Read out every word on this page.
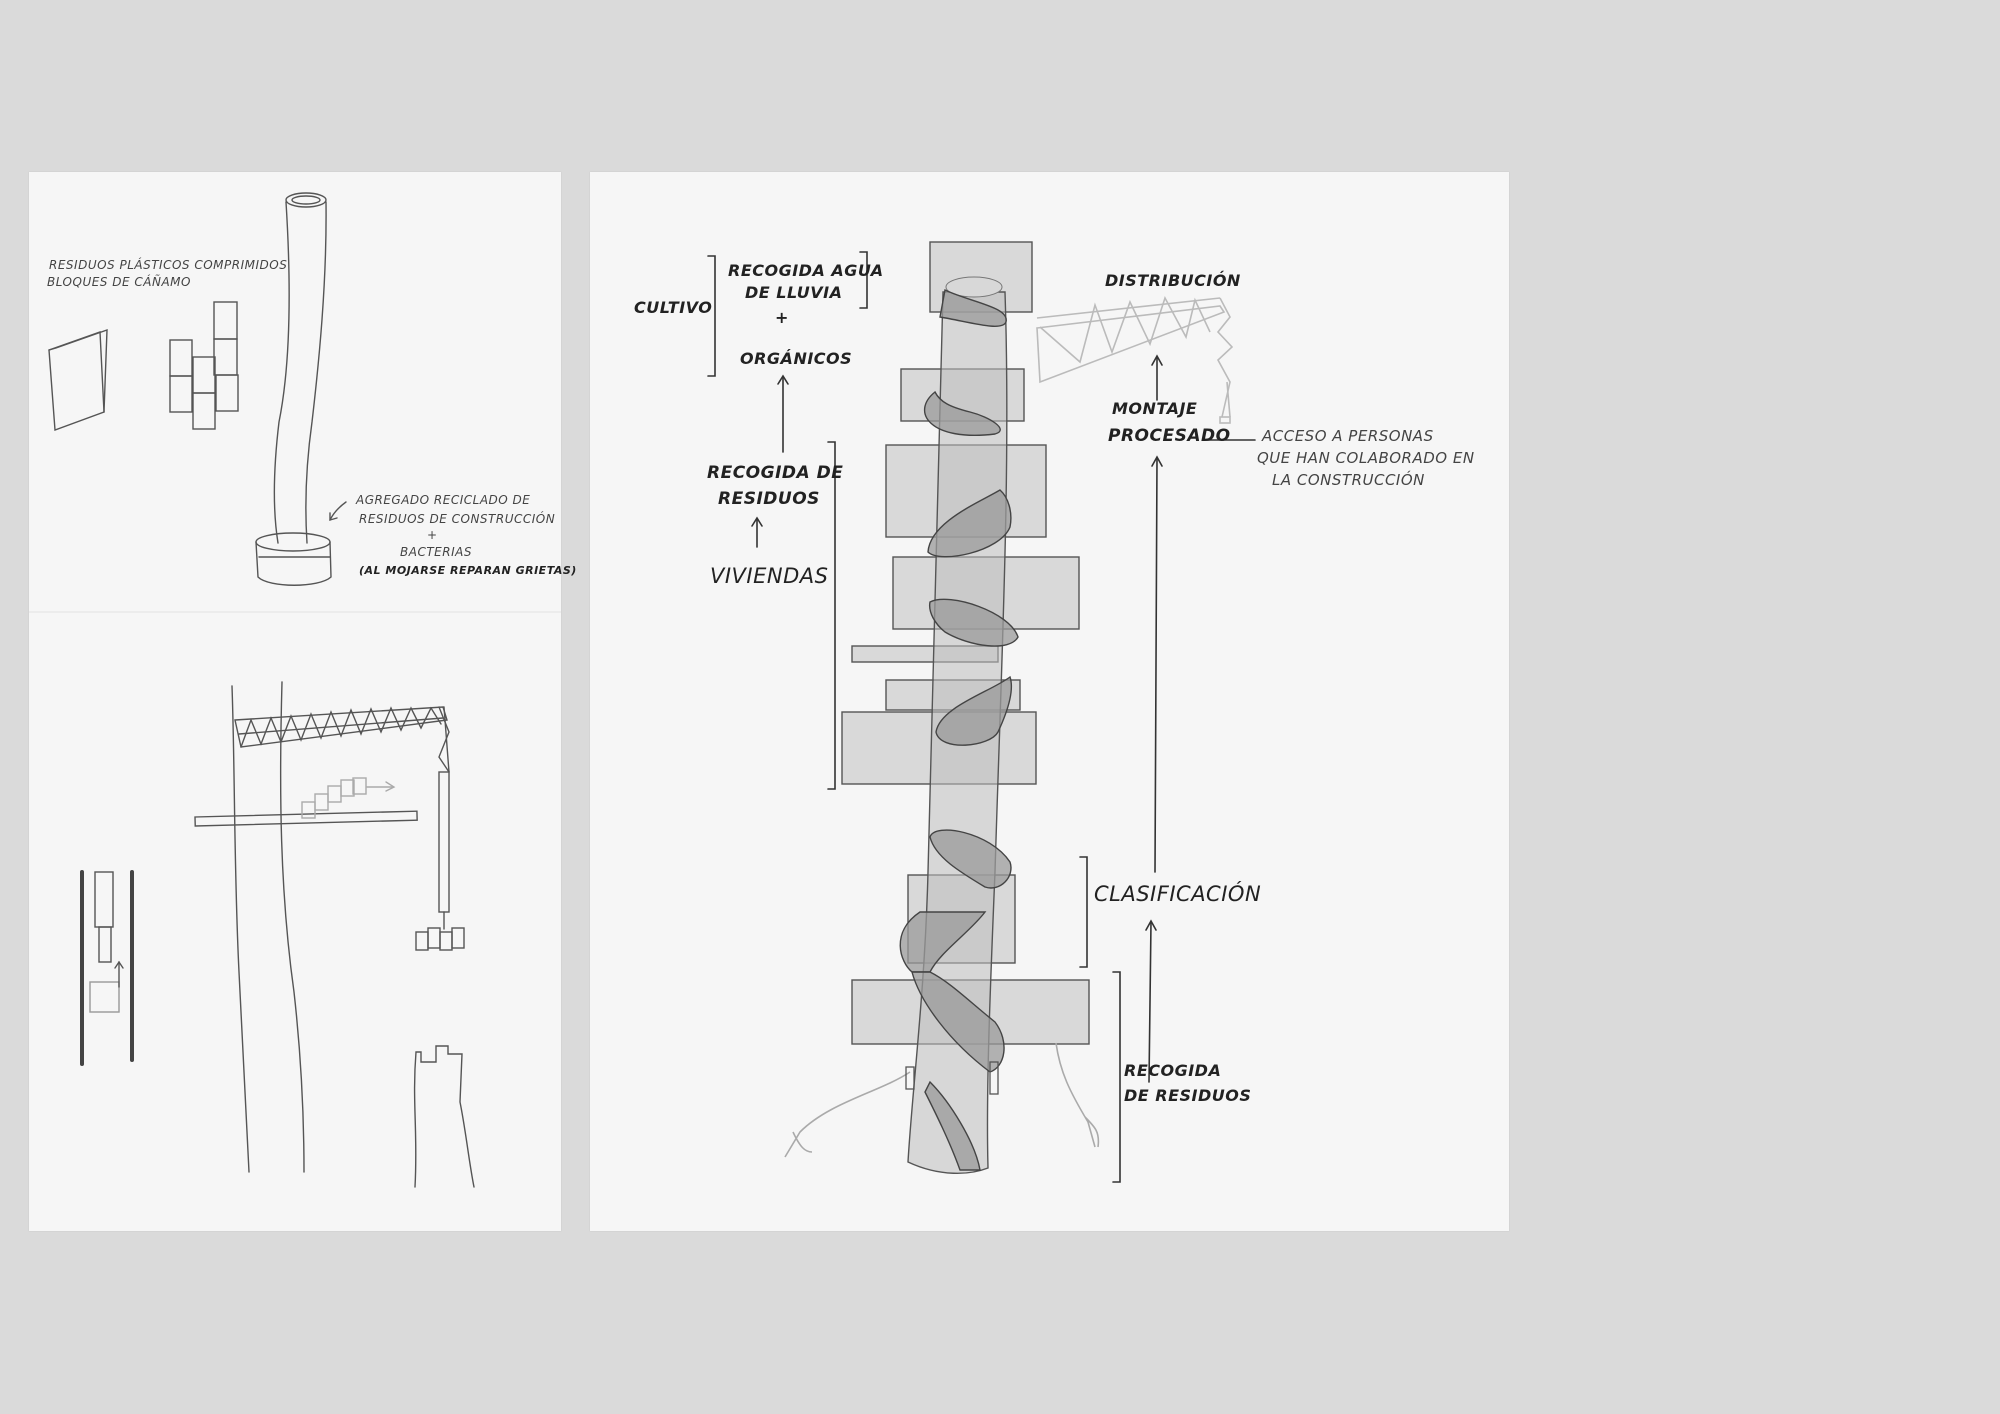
RESIDUOS PLÁSTICOS COMPRIMIDOS
BLOQUES DE CÁÑAMO
AGREGADO RECICLADO DE
RESIDUOS DE CONSTRUCCIÓN
+
BACTERIAS
(AL MOJARSE REPARAN GRIETAS)
CULTIVO
RECOGIDA AGUA
DE LLUVIA
+
ORGÁNICOS
RECOGIDA DE
RESIDUOS
VIVIENDAS
DISTRIBUCIÓN
MONTAJE
PROCESADO ACCESO A PERSONAS
QUE HAN COLABORADO EN
LA CONSTRUCCIÓN
CLASIFICACIÓN
RECOGIDA
DE RESIDUOS
